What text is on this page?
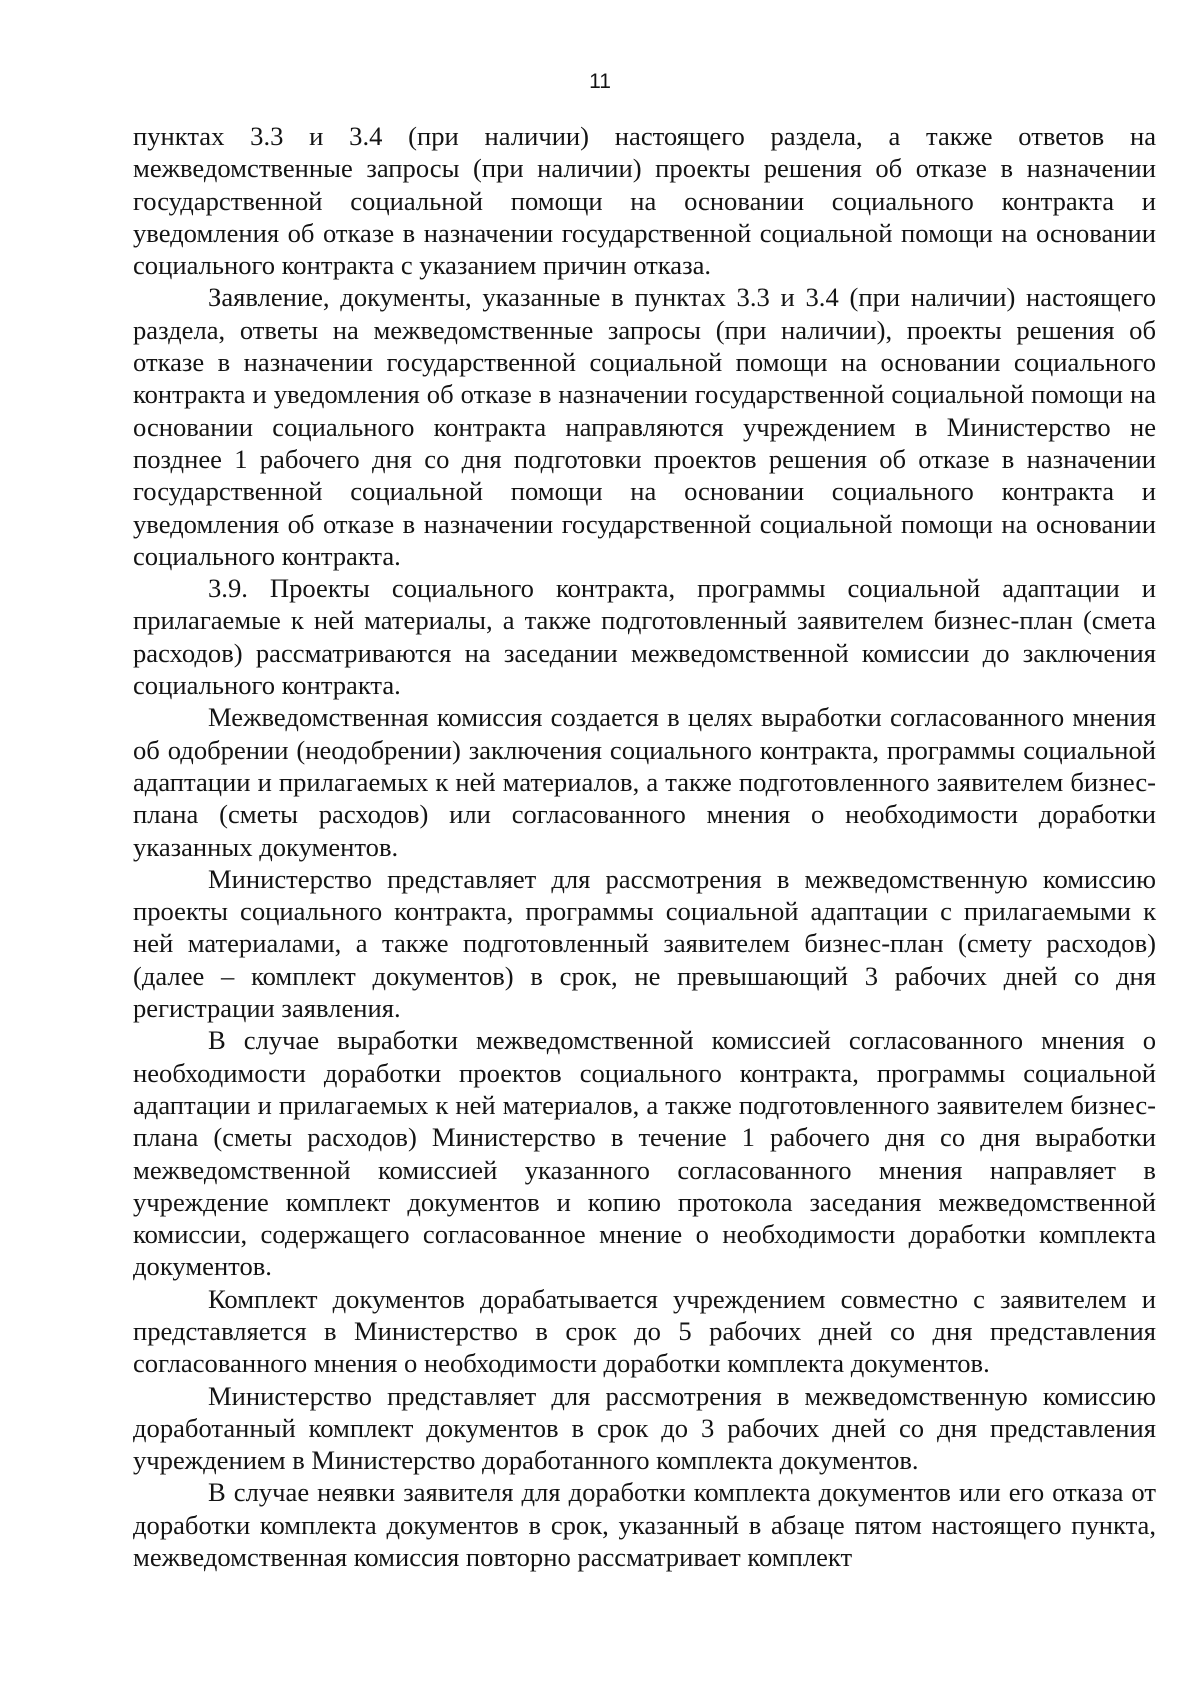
11

пунктах 3.3 и 3.4 (при наличии) настоящего раздела, а также ответов на межведомственные запросы (при наличии) проекты решения об отказе в назначении государственной социальной помощи на основании социального контракта и уведомления об отказе в назначении государственной социальной помощи на основании социального контракта с указанием причин отказа.

Заявление, документы, указанные в пунктах 3.3 и 3.4 (при наличии) настоящего раздела, ответы на межведомственные запросы (при наличии), проекты решения об отказе в назначении государственной социальной помощи на основании социального контракта и уведомления об отказе в назначении государственной социальной помощи на основании социального контракта направляются учреждением в Министерство не позднее 1 рабочего дня со дня подготовки проектов решения об отказе в назначении государственной социальной помощи на основании социального контракта и уведомления об отказе в назначении государственной социальной помощи на основании социального контракта.

3.9. Проекты социального контракта, программы социальной адаптации и прилагаемые к ней материалы, а также подготовленный заявителем бизнес-план (смета расходов) рассматриваются на заседании межведомственной комиссии до заключения социального контракта.

Межведомственная комиссия создается в целях выработки согласованного мнения об одобрении (неодобрении) заключения социального контракта, программы социальной адаптации и прилагаемых к ней материалов, а также подготовленного заявителем бизнес-плана (сметы расходов) или согласованного мнения о необходимости доработки указанных документов.

Министерство представляет для рассмотрения в межведомственную комиссию проекты социального контракта, программы социальной адаптации с прилагаемыми к ней материалами, а также подготовленный заявителем бизнес-план (смету расходов) (далее – комплект документов) в срок, не превышающий 3 рабочих дней со дня регистрации заявления.

В случае выработки межведомственной комиссией согласованного мнения о необходимости доработки проектов социального контракта, программы социальной адаптации и прилагаемых к ней материалов, а также подготовленного заявителем бизнес-плана (сметы расходов) Министерство в течение 1 рабочего дня со дня выработки межведомственной комиссией указанного согласованного мнения направляет в учреждение комплект документов и копию протокола заседания межведомственной комиссии, содержащего согласованное мнение о необходимости доработки комплекта документов.

Комплект документов дорабатывается учреждением совместно с заявителем и представляется в Министерство в срок до 5 рабочих дней со дня представления согласованного мнения о необходимости доработки комплекта документов.

Министерство представляет для рассмотрения в межведомственную комиссию доработанный комплект документов в срок до 3 рабочих дней со дня представления учреждением в Министерство доработанного комплекта документов.

В случае неявки заявителя для доработки комплекта документов или его отказа от доработки комплекта документов в срок, указанный в абзаце пятом настоящего пункта, межведомственная комиссия повторно рассматривает комплект
